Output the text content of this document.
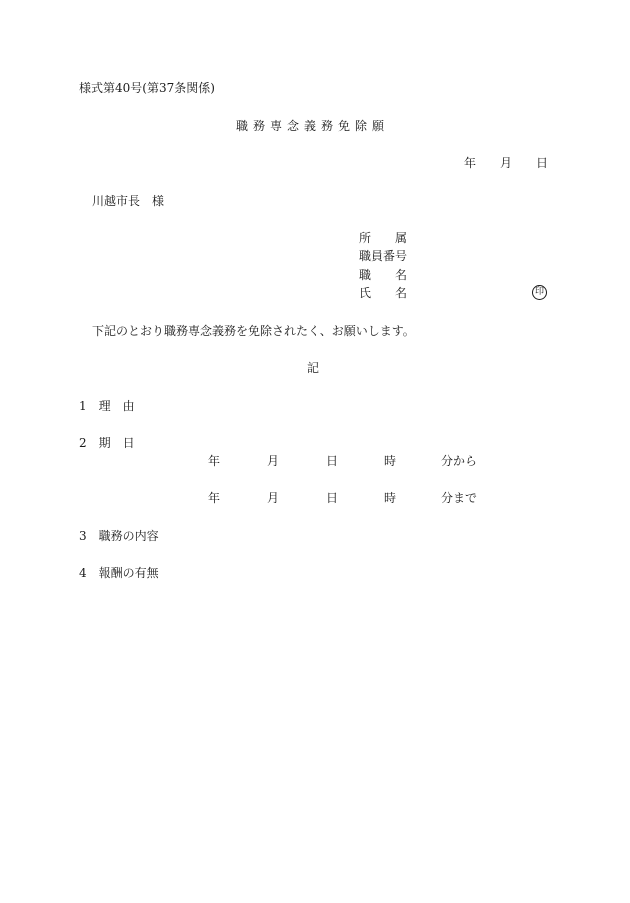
様式第40号(第37条関係)
職務専念義務免除願
年 月 日
川越市長　様
所　　属
職員番号
職　　名
氏　　名	印
下記のとおり職務専念義務を免除されたく、お願いします。
記
1　理　由
2　期　日
年	月	日	時	分から
年	月	日	時	分まで
3　職務の内容
4　報酬の有無
